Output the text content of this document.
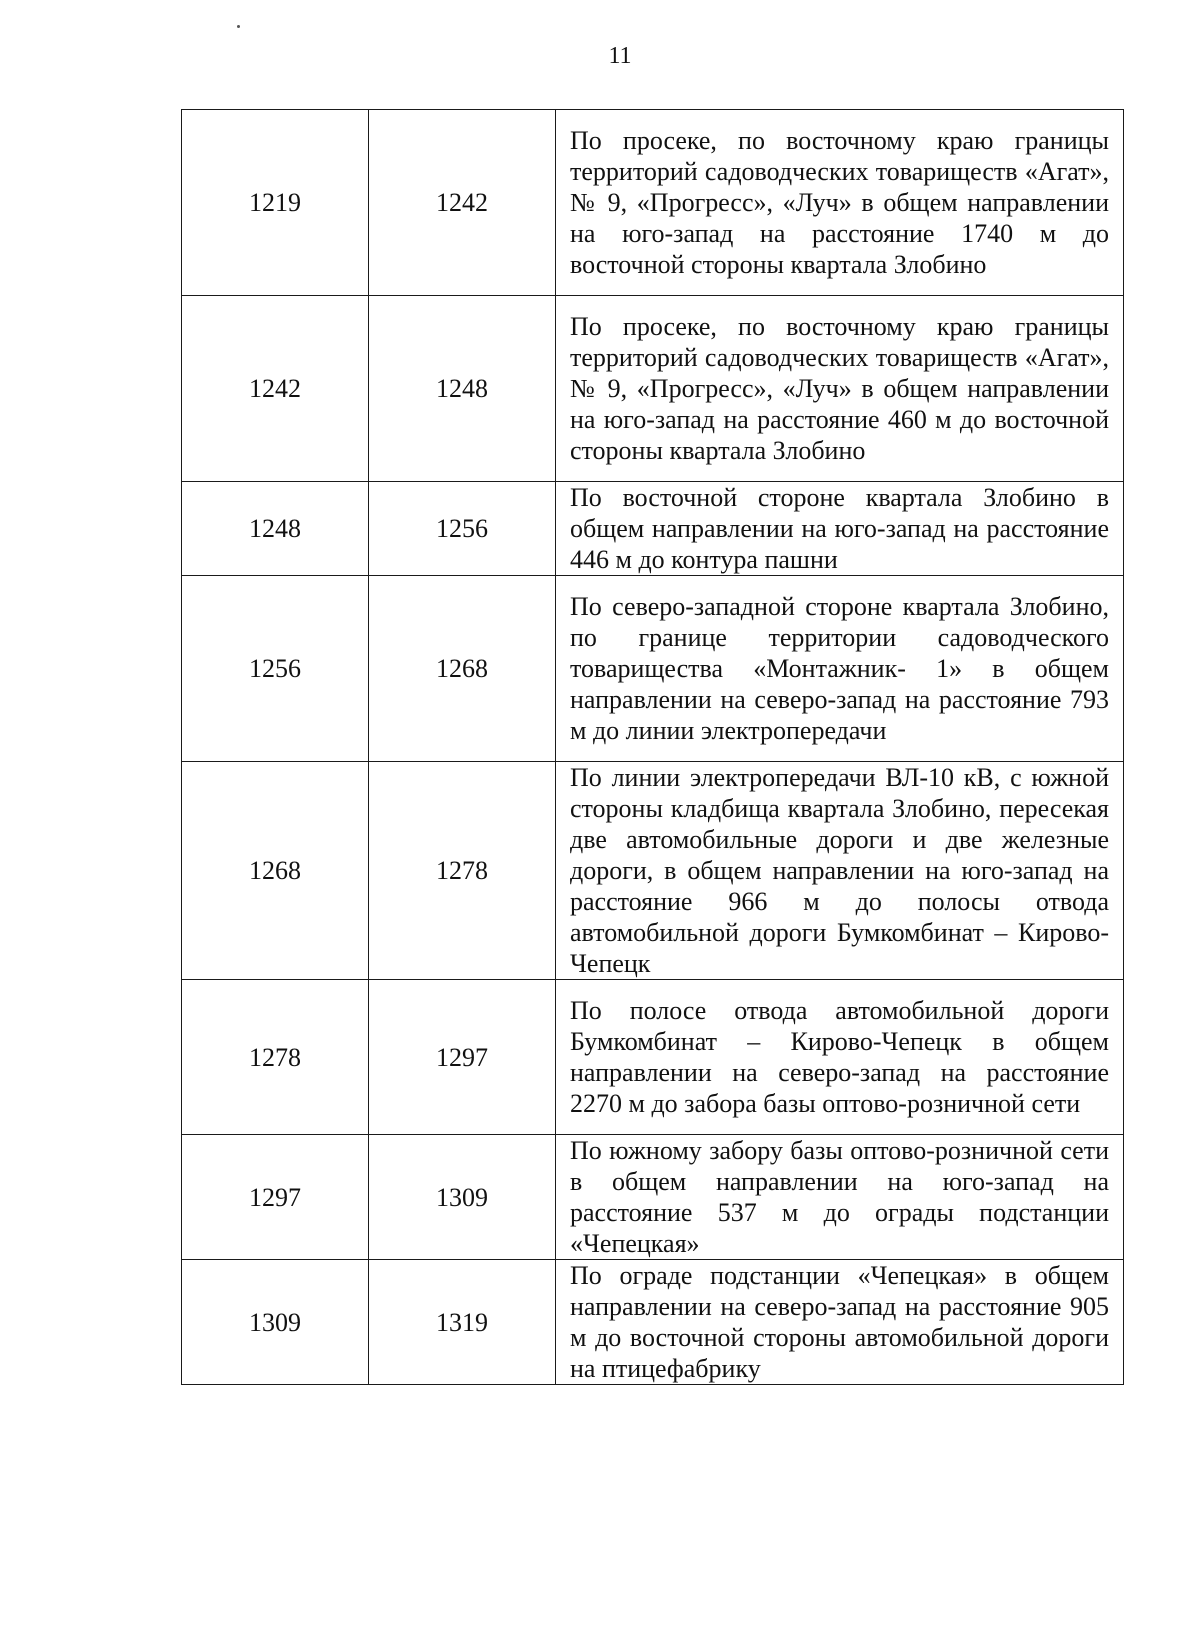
11
1219	1242	По просеке, по восточному краю границы территорий садоводческих товариществ «Агат», № 9, «Прогресс», «Луч» в общем направлении на юго-запад на расстояние 1740 м до восточной стороны квартала Злобино
1242	1248	По просеке, по восточному краю границы территорий садоводческих товариществ «Агат», № 9, «Прогресс», «Луч» в общем направлении на юго-запад на расстояние 460 м до восточной стороны квартала Злобино
1248	1256	По восточной стороне квартала Злобино в общем направлении на юго-запад на расстояние 446 м до контура пашни
1256	1268	По северо-западной стороне квартала Злобино, по границе территории садоводческого товарищества «Монтажник- 1» в общем направлении на северо-запад на расстояние 793 м до линии электропередачи
1268	1278	По линии электропередачи ВЛ-10 кВ, с южной стороны кладбища квартала Злобино, пересекая две автомобильные дороги и две железные дороги, в общем направлении на юго-запад на расстояние 966 м до полосы отвода автомобильной дороги Бумкомбинат – Кирово-Чепецк
1278	1297	По полосе отвода автомобильной дороги Бумкомбинат – Кирово-Чепецк в общем направлении на северо-запад на расстояние 2270 м до забора базы оптово-розничной сети
1297	1309	По южному забору базы оптово-розничной сети в общем направлении на юго-запад на расстояние 537 м до ограды подстанции «Чепецкая»
1309	1319	По ограде подстанции «Чепецкая» в общем направлении на северо-запад на расстояние 905 м до восточной стороны автомобильной дороги на птицефабрику
